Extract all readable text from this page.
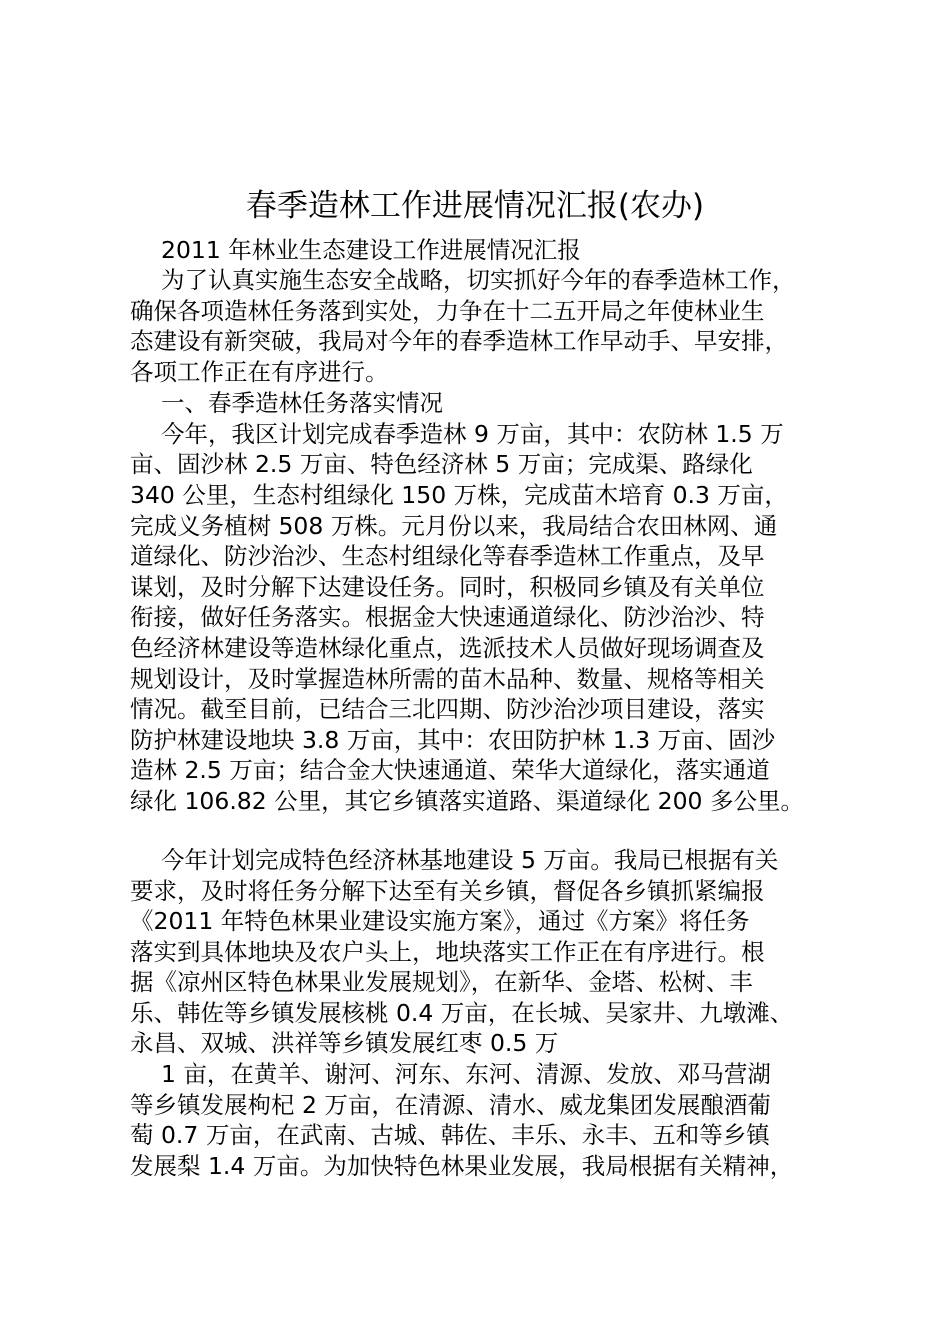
春季造林工作进展情况汇报(农办)
2011 年林业生态建设工作进展情况汇报
为了认真实施生态安全战略，切实抓好今年的春季造林工作，
确保各项造林任务落到实处，力争在十二五开局之年使林业生
态建设有新突破，我局对今年的春季造林工作早动手、早安排，
各项工作正在有序进行。
一、春季造林任务落实情况
今年，我区计划完成春季造林 9 万亩，其中：农防林 1.5 万
亩、固沙林 2.5 万亩、特色经济林 5 万亩；完成渠、路绿化
340 公里，生态村组绿化 150 万株，完成苗木培育 0.3 万亩，
完成义务植树 508 万株。元月份以来，我局结合农田林网、通
道绿化、防沙治沙、生态村组绿化等春季造林工作重点，及早
谋划，及时分解下达建设任务。同时，积极同乡镇及有关单位
衔接，做好任务落实。根据金大快速通道绿化、防沙治沙、特
色经济林建设等造林绿化重点，选派技术人员做好现场调查及
规划设计，及时掌握造林所需的苗木品种、数量、规格等相关
情况。截至目前，已结合三北四期、防沙治沙项目建设，落实
防护林建设地块 3.8 万亩，其中：农田防护林 1.3 万亩、固沙
造林 2.5 万亩；结合金大快速通道、荣华大道绿化，落实通道
绿化 106.82 公里，其它乡镇落实道路、渠道绿化 200 多公里。
今年计划完成特色经济林基地建设 5 万亩。我局已根据有关
要求，及时将任务分解下达至有关乡镇，督促各乡镇抓紧编报
《2011 年特色林果业建设实施方案》，通过《方案》将任务
落实到具体地块及农户头上，地块落实工作正在有序进行。根
据《凉州区特色林果业发展规划》，在新华、金塔、松树、丰
乐、韩佐等乡镇发展核桃 0.4 万亩，在长城、吴家井、九墩滩、
永昌、双城、洪祥等乡镇发展红枣 0.5 万
1 亩，在黄羊、谢河、河东、东河、清源、发放、邓马营湖
等乡镇发展枸杞 2 万亩，在清源、清水、威龙集团发展酿酒葡
萄 0.7 万亩，在武南、古城、韩佐、丰乐、永丰、五和等乡镇
发展梨 1.4 万亩。为加快特色林果业发展，我局根据有关精神，
